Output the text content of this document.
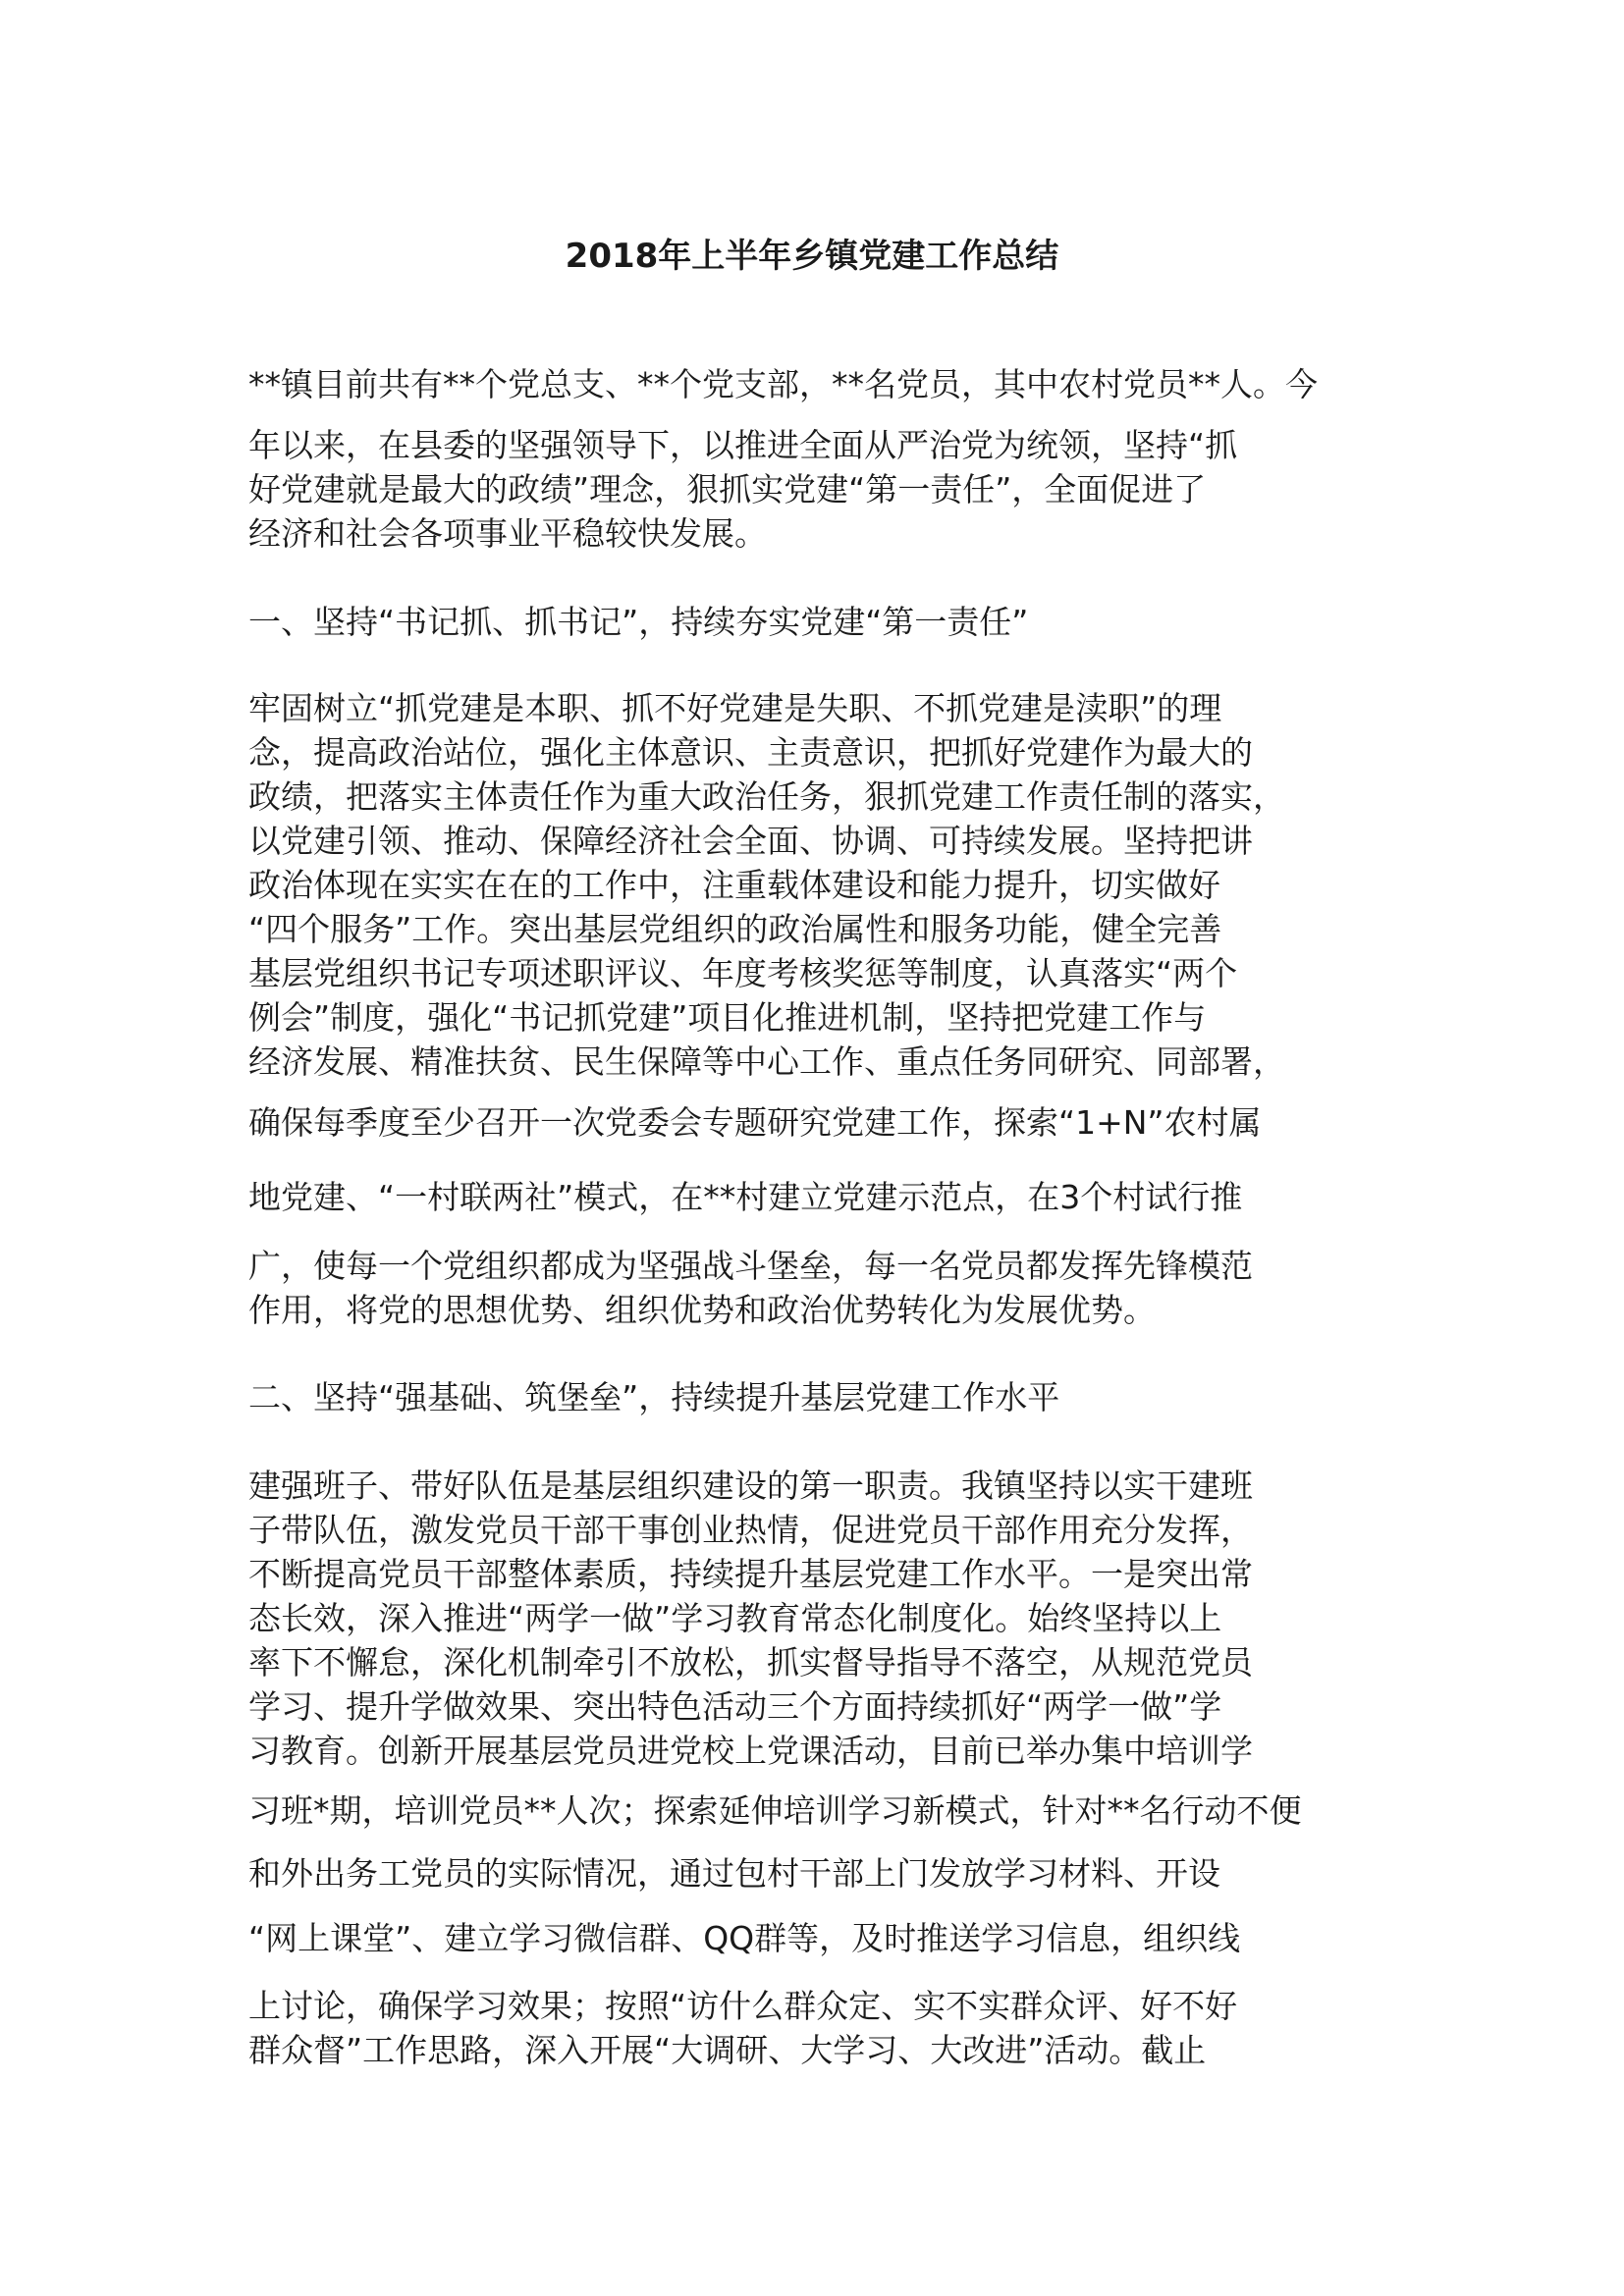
2018年上半年乡镇党建工作总结

**镇目前共有**个党总支、**个党支部，**名党员，其中农村党员**人。今

年以来，在县委的坚强领导下，以推进全面从严治党为统领，坚持“抓

好党建就是最大的政绩”理念，狠抓实党建“第一责任”，全面促进了

经济和社会各项事业平稳较快发展。

一、坚持“书记抓、抓书记”，持续夯实党建“第一责任”

牢固树立“抓党建是本职、抓不好党建是失职、不抓党建是渎职”的理

念，提高政治站位，强化主体意识、主责意识，把抓好党建作为最大的

政绩，把落实主体责任作为重大政治任务，狠抓党建工作责任制的落实，

以党建引领、推动、保障经济社会全面、协调、可持续发展。坚持把讲

政治体现在实实在在的工作中，注重载体建设和能力提升，切实做好

“四个服务”工作。突出基层党组织的政治属性和服务功能，健全完善

基层党组织书记专项述职评议、年度考核奖惩等制度，认真落实“两个

例会”制度，强化“书记抓党建”项目化推进机制，坚持把党建工作与

经济发展、精准扶贫、民生保障等中心工作、重点任务同研究、同部署，

确保每季度至少召开一次党委会专题研究党建工作，探索“1+N”农村属

地党建、“一村联两社”模式，在**村建立党建示范点，在3个村试行推

广，使每一个党组织都成为坚强战斗堡垒，每一名党员都发挥先锋模范

作用，将党的思想优势、组织优势和政治优势转化为发展优势。

二、坚持“强基础、筑堡垒”，持续提升基层党建工作水平

建强班子、带好队伍是基层组织建设的第一职责。我镇坚持以实干建班

子带队伍，激发党员干部干事创业热情，促进党员干部作用充分发挥，

不断提高党员干部整体素质，持续提升基层党建工作水平。一是突出常

态长效，深入推进“两学一做”学习教育常态化制度化。始终坚持以上

率下不懈怠，深化机制牵引不放松，抓实督导指导不落空，从规范党员

学习、提升学做效果、突出特色活动三个方面持续抓好“两学一做”学

习教育。创新开展基层党员进党校上党课活动，目前已举办集中培训学

习班*期，培训党员**人次；探索延伸培训学习新模式，针对**名行动不便

和外出务工党员的实际情况，通过包村干部上门发放学习材料、开设

“网上课堂”、建立学习微信群、QQ群等，及时推送学习信息，组织线

上讨论，确保学习效果；按照“访什么群众定、实不实群众评、好不好

群众督”工作思路，深入开展“大调研、大学习、大改进”活动。截止
